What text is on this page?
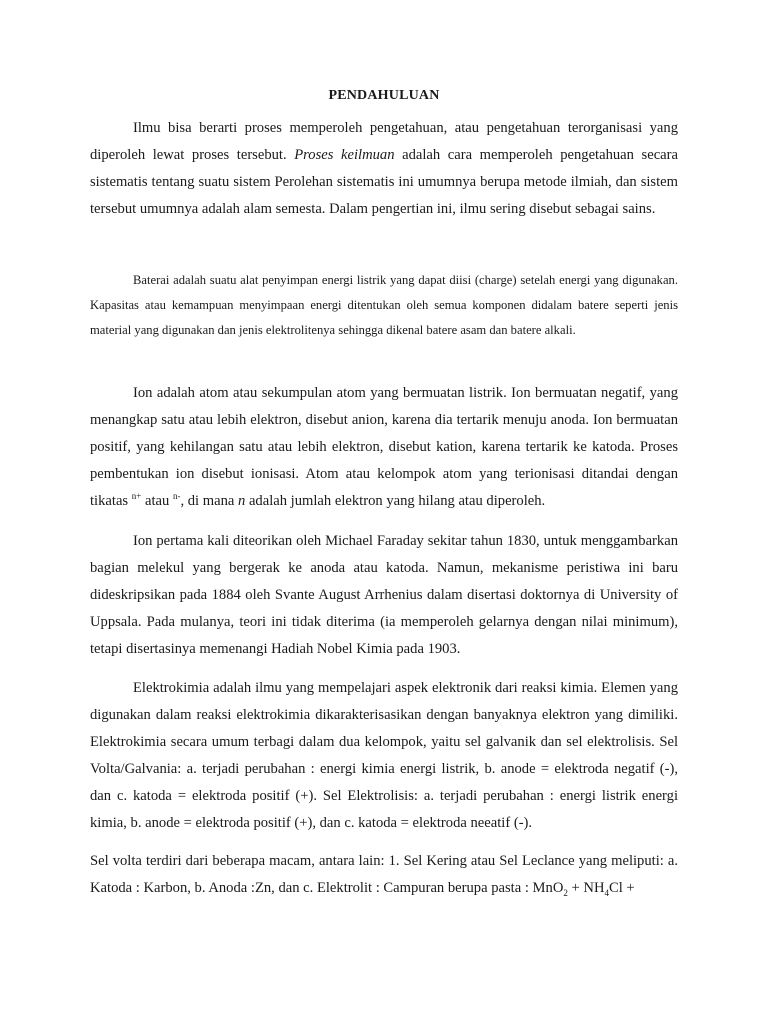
PENDAHULUAN

Ilmu bisa berarti proses memperoleh pengetahuan, atau pengetahuan terorganisasi yang diperoleh lewat proses tersebut. Proses keilmuan adalah cara memperoleh pengetahuan secara sistematis tentang suatu sistem Perolehan sistematis ini umumnya berupa metode ilmiah, dan sistem tersebut umumnya adalah alam semesta. Dalam pengertian ini, ilmu sering disebut sebagai sains.

Baterai adalah suatu alat penyimpan energi listrik yang dapat diisi (charge) setelah energi yang digunakan. Kapasitas atau kemampuan menyimpaan energi ditentukan oleh semua komponen didalam batere seperti jenis material yang digunakan dan jenis elektrolitenya sehingga dikenal batere asam dan batere alkali.

Ion adalah atom atau sekumpulan atom yang bermuatan listrik. Ion bermuatan negatif, yang menangkap satu atau lebih elektron, disebut anion, karena dia tertarik menuju anoda. Ion bermuatan positif, yang kehilangan satu atau lebih elektron, disebut kation, karena tertarik ke katoda. Proses pembentukan ion disebut ionisasi. Atom atau kelompok atom yang terionisasi ditandai dengan tikatas $^{n+}$ atau $^{n-}$, di mana n adalah jumlah elektron yang hilang atau diperoleh.

Ion pertama kali diteorikan oleh Michael Faraday sekitar tahun 1830, untuk menggambarkan bagian melekul yang bergerak ke anoda atau katoda. Namun, mekanisme peristiwa ini baru dideskripsikan pada 1884 oleh Svante August Arrhenius dalam disertasi doktornya di University of Uppsala. Pada mulanya, teori ini tidak diterima (ia memperoleh gelarnya dengan nilai minimum), tetapi disertasinya memenangi Hadiah Nobel Kimia pada 1903.

Elektrokimia adalah ilmu yang mempelajari aspek elektronik dari reaksi kimia. Elemen yang digunakan dalam reaksi elektrokimia dikarakterisasikan dengan banyaknya elektron yang dimiliki. Elektrokimia secara umum terbagi dalam dua kelompok, yaitu sel galvanik dan sel elektrolisis. Sel Volta/Galvania: a. terjadi perubahan : energi kimia energi listrik, b. anode = elektroda negatif (-), dan c. katoda = elektroda positif (+). Sel Elektrolisis: a. terjadi perubahan : energi listrik energi kimia, b. anode = elektroda positif (+), dan c. katoda = elektroda neeatif (-).

Sel volta terdiri dari beberapa macam, antara lain: 1. Sel Kering atau Sel Leclance yang meliputi: a. Katoda : Karbon, b. Anoda :Zn, dan c. Elektrolit : Campuran berupa pasta : $MnO_2 + NH_4Cl$ +
